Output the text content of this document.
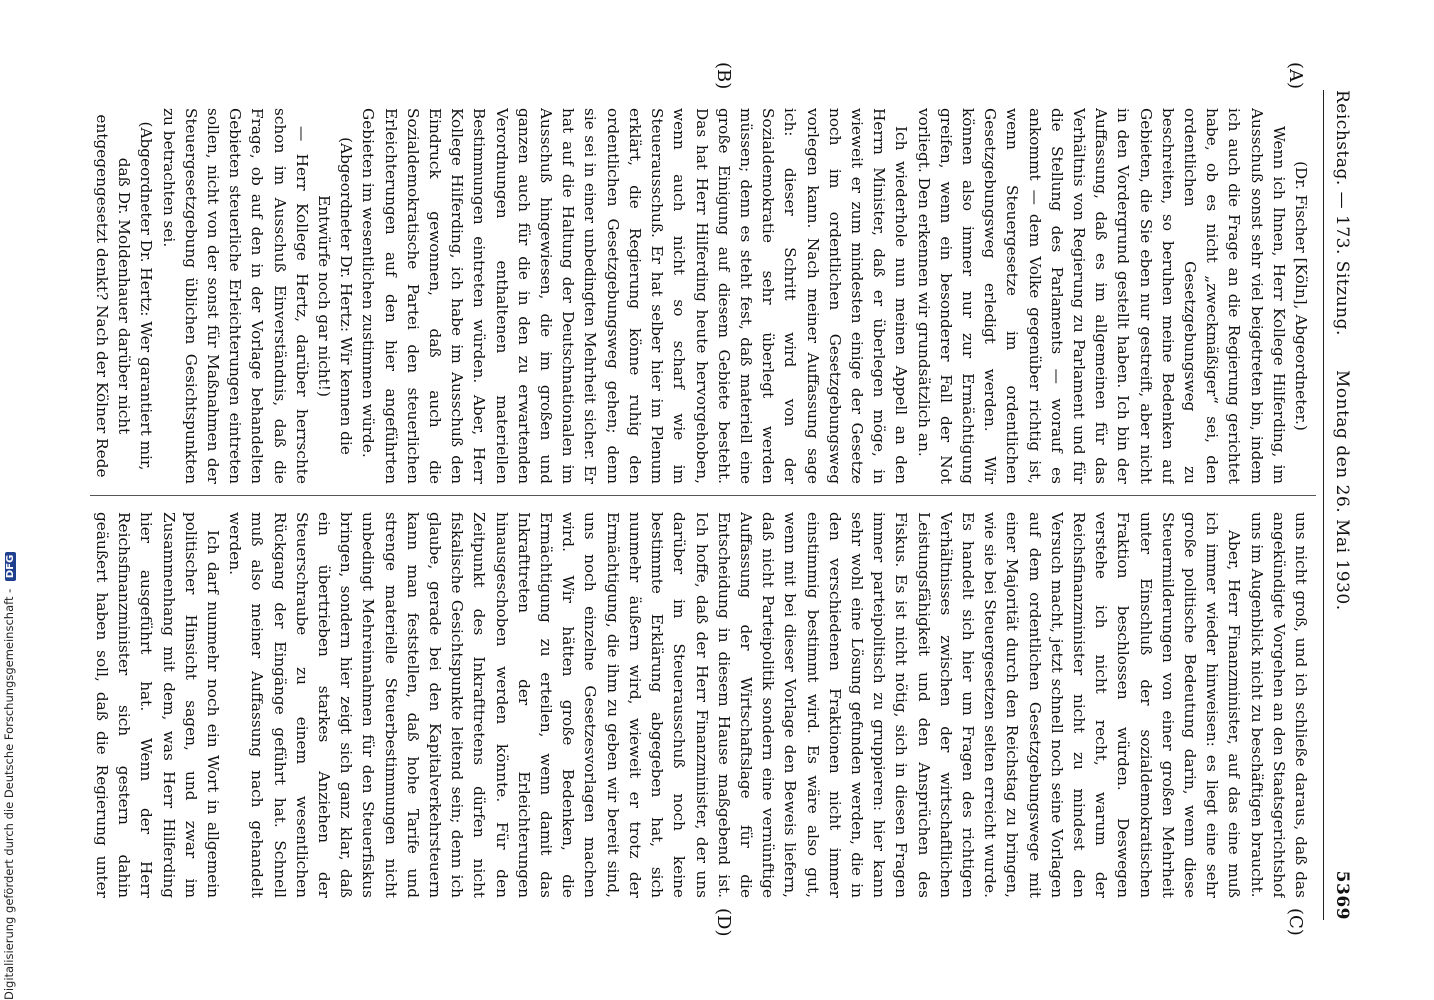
Reichstag. — 173. Sitzung.
Montag den 26. Mai 1930.
5369
(A)
(B)
(C)
(D)

(Dr. Fischer [Köln], Abgeordneter.)

Wenn ich Ihnen, Herr Kollege Hilferding, im Ausschuß sonst sehr viel beigetreten bin, indem ich auch die Frage an die Regierung gerichtet habe, ob es nicht „zweckmäßiger“ sei, den ordentlichen Gesetzgebungsweg zu beschreiten, so beruhen meine Bedenken auf Gebieten, die Sie eben nur gestreift, aber nicht in den Vordergrund gestellt haben. Ich bin der Auffassung, daß es im allgemeinen für das Verhältnis von Regierung zu Parlament und für die Stellung des Parlaments — worauf es ankommt — dem Volke gegenüber richtig ist, wenn Steuergesetze im ordentlichen Gesetzgebungsweg erledigt werden. Wir können also immer nur zur Ermächtigung greifen, wenn ein besonderer Fall der Not vorliegt. Den erkennen wir grundsätzlich an.

Ich wiederhole nun meinen Appell an den Herrn Minister, daß er überlegen möge, in wieweit er zum mindesten einige der Gesetze noch im ordentlichen Gesetzgebungsweg vorlegen kann. Nach meiner Auffassung sage ich: dieser Schritt wird von der Sozialdemokratie sehr überlegt werden müssen; denn es steht fest, daß materiell eine große Einigung auf diesem Gebiete besteht. Das hat Herr Hilferding heute hervorgehoben, wenn auch nicht so scharf wie im Steuerausschuß. Er hat selber hier im Plenum erklärt, die Regierung könne ruhig den ordentlichen Gesetzgebungsweg gehen; denn sie sei in einer unbedingten Mehrheit sicher. Er hat auf die Haltung der Deutschnationalen im Ausschuß hingewiesen, die im großen und ganzen auch für die in den zu erwartenden Verordnungen enthaltenen materiellen Bestimmungen eintreten würden. Aber, Herr Kollege Hilferding, ich habe im Ausschuß den Eindruck gewonnen, daß auch die Sozialdemokratische Partei den steuerlichen Erleichterungen auf den hier angeführten Gebieten im wesentlichen zustimmen würde.

(Abgeordneter Dr. Hertz: Wir kennen die Entwürfe noch gar nicht!)

— Herr Kollege Hertz, darüber herrschte schon im Ausschuß Einverständnis, daß die Frage, ob auf den in der Vorlage behandelten Gebieten steuerliche Erleichterungen eintreten sollen, nicht von der sonst für Maßnahmen der Steuergesetzgebung üblichen Gesichtspunkten zu betrachten sei.

(Abgeordneter Dr. Hertz: Wer garantiert mir, daß Dr. Moldenhauer darüber nicht entgegengesetzt denkt? Nach der Kölner Rede

uns nicht groß, und ich schließe daraus, daß das angekündigte Vorgehen an den Staatsgerichtshof uns im Augenblick nicht zu beschäftigen braucht.

Aber, Herr Finanzminister, auf das eine muß ich immer wieder hinweisen: es liegt eine sehr große politische Bedeutung darin, wenn diese Steuermilderungen von einer großen Mehrheit unter Einschluß der sozialdemokratischen Fraktion beschlossen würden. Deswegen verstehe ich nicht recht, warum der Reichsfinanzminister nicht zu mindest den Versuch macht, jetzt schnell noch seine Vorlagen auf dem ordentlichen Gesetzgebungswege mit einer Majorität durch den Reichstag zu bringen, wie sie bei Steuergesetzen selten erreicht wurde. Es handelt sich hier um Fragen des richtigen Verhältnisses zwischen der wirtschaftlichen Leistungsfähigkeit und den Ansprüchen des Fiskus. Es ist nicht nötig, sich in diesen Fragen immer parteipolitisch zu gruppieren: hier kann sehr wohl eine Lösung gefunden werden, die in den verschiedenen Fraktionen nicht immer einstimmig bestimmt wird. Es wäre also gut, wenn mit bei dieser Vorlage den Beweis liefern, daß nicht Parteipolitik sondern eine vernünftige Auffassung der Wirtschaftslage für die Entscheidung in diesem Hause maßgebend ist. Ich hoffe, daß der Herr Finanzminister, der uns darüber im Steuerausschuß noch keine bestimmte Erklärung abgegeben hat, sich nunmehr äußern wird, wieweit er trotz der Ermächtigung, die ihm zu geben wir bereit sind, uns noch einzelne Gesetzesvorlagen machen wird. Wir hätten große Bedenken, die Ermächtigung zu erteilen, wenn damit das Inkrafttreten der Erleichterungen hinausgeschoben werden könnte. Für den Zeitpunkt des Inkrafttretens dürfen nicht fiskalische Gesichtspunkte leitend sein; denn ich glaube, gerade bei den Kapitalverkehrsteuern kann man feststellen, daß hohe Tarife und strenge materielle Steuerbestimmungen nicht unbedingt Mehreinnahmen für den Steuerfiskus bringen, sondern hier zeigt sich ganz klar, daß ein übertrieben starkes Anziehen der Steuerschraube zu einem wesentlichen Rückgang der Eingänge geführt hat. Schnell muß also meiner Auffassung nach gehandelt werden.

Ich darf nunmehr noch ein Wort in allgemein politischer Hinsicht sagen, und zwar im Zusammenhang mit dem, was Herr Hilferding hier ausgeführt hat. Wenn der Herr Reichsfinanzminister sich gestern dahin geäußert haben soll, daß die Regierung unter

Digitalisierung gefördert durch die Deutsche Forschungsgemeinschaft - DFG
